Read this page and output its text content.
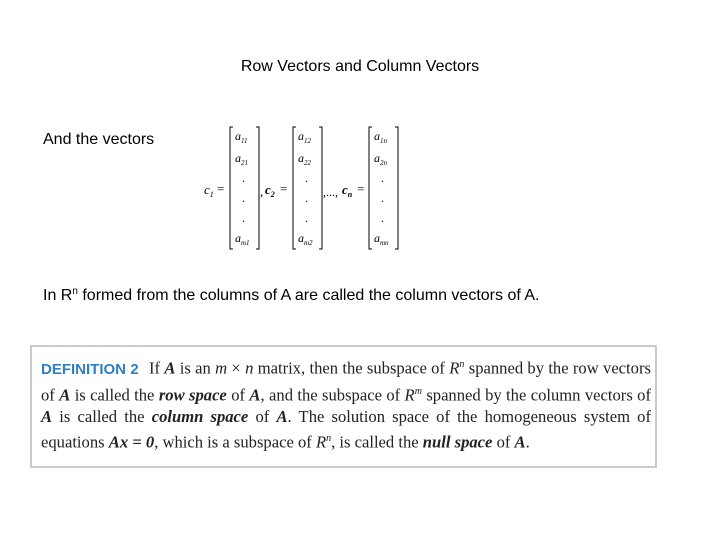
Row Vectors and Column Vectors
And the vectors
$c_1$ =
$a_{11}$
$a_{21}$
.
.
.
$a_{m1}$
, $c_2$ =
$a_{12}$
$a_{22}$
.
.
.
$a_{m2}$
,..., $c_n$ =
$a_{1n}$
$a_{2n}$
.
.
.
$a_{mn}$
In $R^n$ formed from the columns of A are called the column vectors of A.
DEFINITION 2 If A is an m × n matrix, then the subspace of $R^n$ spanned by the row vectors of A is called the row space of A, and the subspace of $R^m$ spanned by the column vectors of A is called the column space of A. The solution space of the homogeneous system of equations Ax = 0, which is a subspace of $R^n$, is called the null space of A.
